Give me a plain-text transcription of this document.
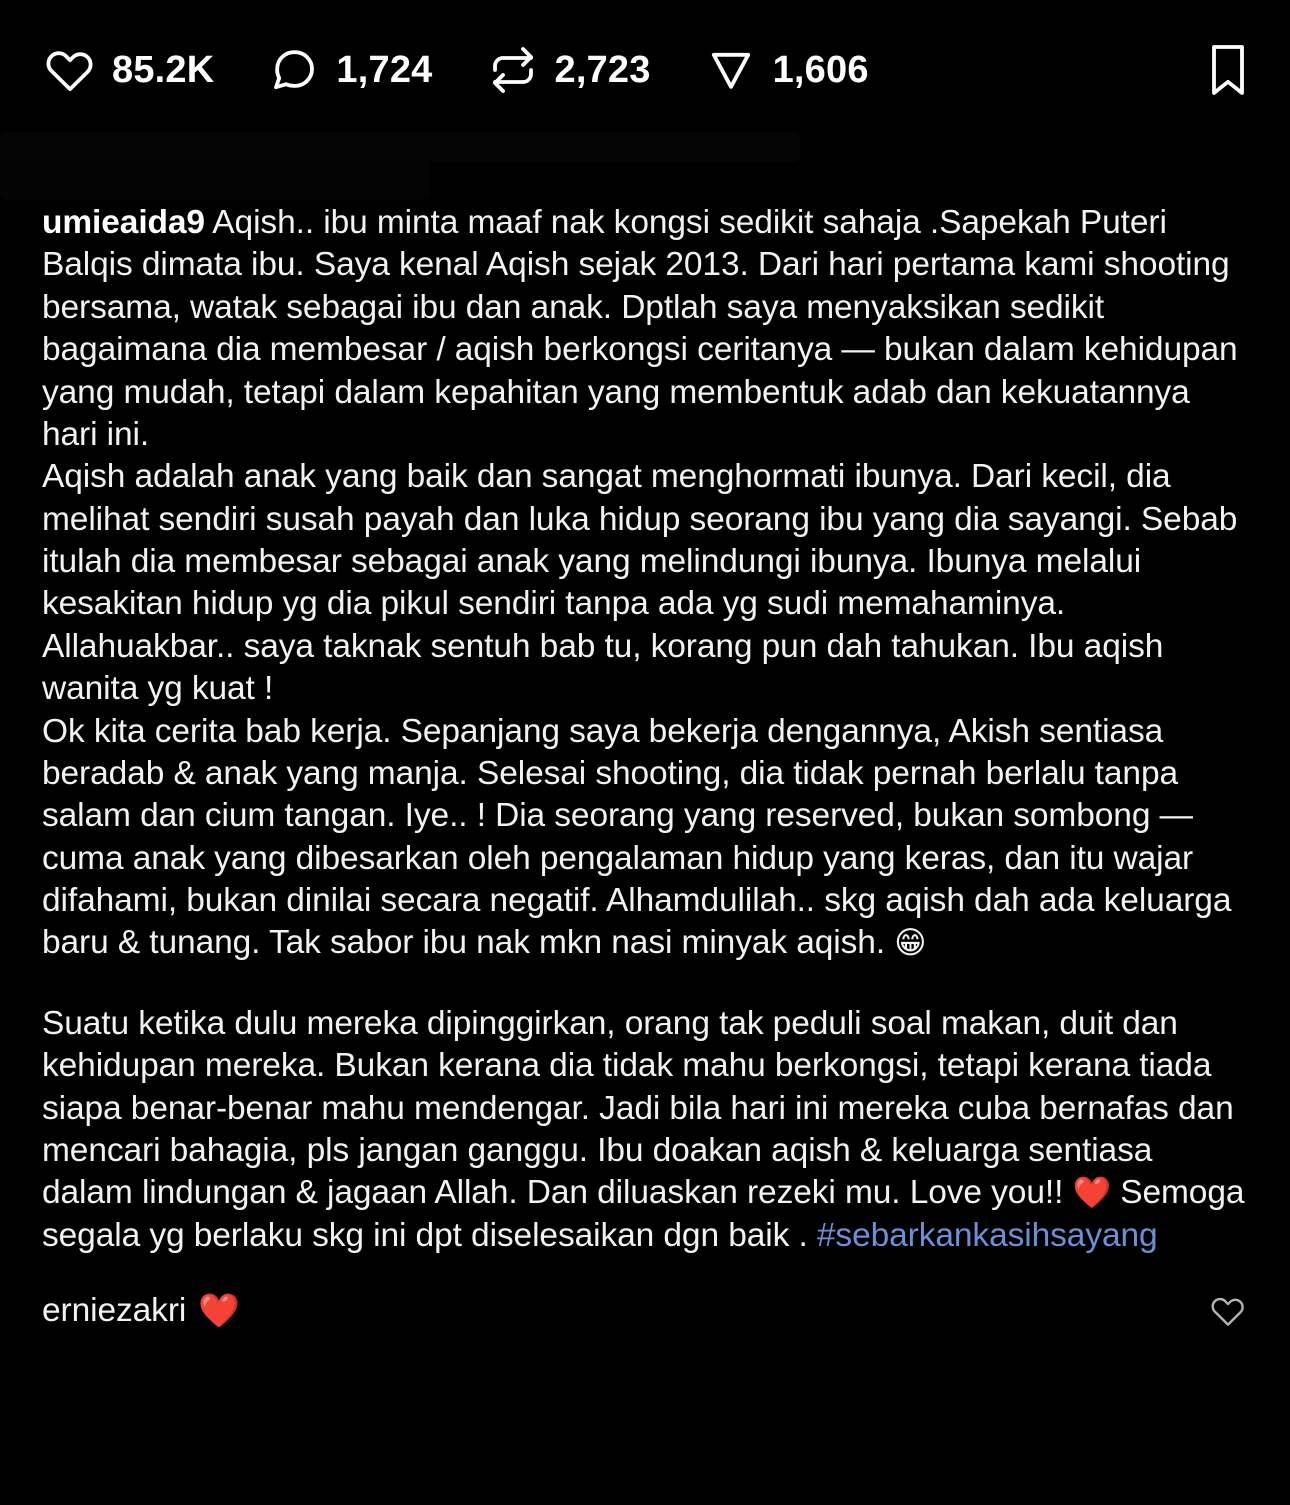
85.2K	1,724	2,723	1,606

umieaida9 Aqish.. ibu minta maaf nak kongsi sedikit sahaja .Sapekah Puteri Balqis dimata ibu. Saya kenal Aqish sejak 2013. Dari hari pertama kami shooting bersama, watak sebagai ibu dan anak. Dptlah saya menyaksikan sedikit bagaimana dia membesar / aqish berkongsi ceritanya — bukan dalam kehidupan yang mudah, tetapi dalam kepahitan yang membentuk adab dan kekuatannya hari ini.

Aqish adalah anak yang baik dan sangat menghormati ibunya. Dari kecil, dia melihat sendiri susah payah dan luka hidup seorang ibu yang dia sayangi. Sebab itulah dia membesar sebagai anak yang melindungi ibunya. Ibunya melalui kesakitan hidup yg dia pikul sendiri tanpa ada yg sudi memahaminya. Allahuakbar.. saya taknak sentuh bab tu, korang pun dah tahukan. Ibu aqish wanita yg kuat !

Ok kita cerita bab kerja. Sepanjang saya bekerja dengannya, Akish sentiasa beradab & anak yang manja. Selesai shooting, dia tidak pernah berlalu tanpa salam dan cium tangan. Iye.. ! Dia seorang yang reserved, bukan sombong — cuma anak yang dibesarkan oleh pengalaman hidup yang keras, dan itu wajar difahami, bukan dinilai secara negatif. Alhamdulilah.. skg aqish dah ada keluarga baru & tunang. Tak sabor ibu nak mkn nasi minyak aqish. 😁

Suatu ketika dulu mereka dipinggirkan, orang tak peduli soal makan, duit dan kehidupan mereka. Bukan kerana dia tidak mahu berkongsi, tetapi kerana tiada siapa benar-benar mahu mendengar. Jadi bila hari ini mereka cuba bernafas dan mencari bahagia, pls jangan ganggu. Ibu doakan aqish & keluarga sentiasa dalam lindungan & jagaan Allah. Dan diluaskan rezeki mu. Love you!! ❤️ Semoga segala yg berlaku skg ini dpt diselesaikan dgn baik . #sebarkankasihsayang

erniezakri ❤️
